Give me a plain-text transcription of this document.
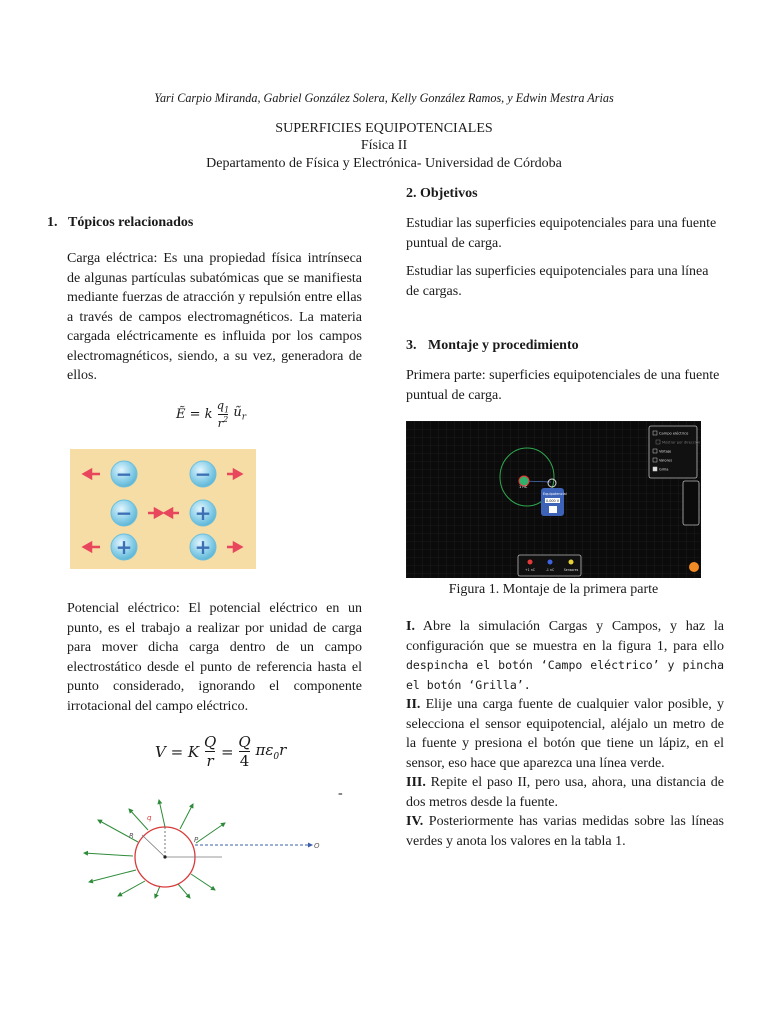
Yari Carpio Miranda, Gabriel González Solera, Kelly González Ramos, y Edwin Mestra Arias
SUPERFICIES EQUIPOTENCIALES
Física II
Departamento de Física y Electrónica- Universidad de Córdoba
1. Tópicos relacionados
Carga eléctrica: Es una propiedad física intrínseca de algunas partículas subatómicas que se manifiesta mediante fuerzas de atracción y repulsión entre ellas a través de campos electromagnéticos. La materia cargada eléctricamente es influida por los campos electromagnéticos, siendo, a su vez, generadora de ellos.
Ẽ = k $\frac{q_1}{r^2}$ $ũ_r$
−	−
−	+
+	+
Potencial eléctrico: El potencial eléctrico en un punto, es el trabajo a realizar por unidad de carga para mover dicha carga dentro de un campo electrostático desde el punto de referencia hasta el punto considerado, ignorando el componente irrotacional del campo eléctrico.
V = K $\frac{Q}{r} = \frac{Q}{4} \pi\varepsilon_0r$
-
q
R	P
O
2. Objetivos
Estudiar las superficies equipotenciales para una fuente puntual de carga.
Estudiar las superficies equipotenciales para una línea de cargas.
3. Montaje y procedimiento
Primera parte: superficies equipotenciales de una fuente puntual de carga.
1 nC
Equipotencial
0.000 V
Campo eléctrico
Mostrar por dirección
Voltaje
Valores
Grilla
+1 nC	-1 nC	Sensores
Figura 1. Montaje de la primera parte
I. Abre la simulación Cargas y Campos, y haz la configuración que se muestra en la figura 1, para ello despincha el botón ‘Campo eléctrico’ y pincha el botón ‘Grilla’.
II. Elije una carga fuente de cualquier valor posible, y selecciona el sensor equipotencial, aléjalo un metro de la fuente y presiona el botón que tiene un lápiz, en el sensor, eso hace que aparezca una línea verde.
III. Repite el paso II, pero usa, ahora, una distancia de dos metros desde la fuente.
IV. Posteriormente has varias medidas sobre las líneas verdes y anota los valores en la tabla 1.
